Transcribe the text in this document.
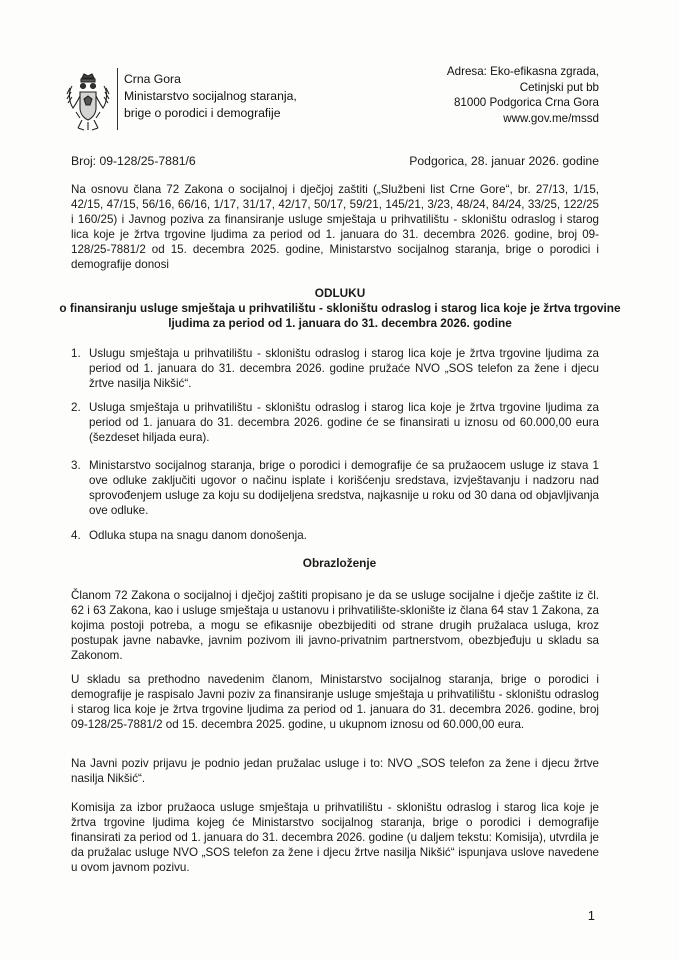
Crna Gora
Ministarstvo socijalnog staranja,
brige o porodici i demografije
Adresa: Eko-efikasna zgrada,
Cetinjski put bb
81000 Podgorica Crna Gora
www.gov.me/mssd
Broj: 09-128/25-7881/6	Podgorica, 28. januar 2026. godine
Na osnovu člana 72 Zakona o socijalnoj i dječjoj zaštiti („Službeni list Crne Gore“, br. 27/13, 1/15, 42/15, 47/15, 56/16, 66/16, 1/17, 31/17, 42/17, 50/17, 59/21, 145/21, 3/23, 48/24, 84/24, 33/25, 122/25 i 160/25) i Javnog poziva za finansiranje usluge smještaja u prihvatilištu - skloništu odraslog i starog lica koje je žrtva trgovine ljudima za period od 1. januara do 31. decembra 2026. godine, broj 09-128/25-7881/2 od 15. decembra 2025. godine, Ministarstvo socijalnog staranja, brige o porodici i demografije donosi
ODLUKU
o finansiranju usluge smještaja u prihvatilištu - skloništu odraslog i starog lica koje je žrtva trgovine ljudima za period od 1. januara do 31. decembra 2026. godine
1. Uslugu smještaja u prihvatilištu - skloništu odraslog i starog lica koje je žrtva trgovine ljudima za period od 1. januara do 31. decembra 2026. godine pružaće NVO „SOS telefon za žene i djecu žrtve nasilja Nikšić“.
2. Usluga smještaja u prihvatilištu - skloništu odraslog i starog lica koje je žrtva trgovine ljudima za period od 1. januara do 31. decembra 2026. godine će se finansirati u iznosu od 60.000,00 eura (šezdeset hiljada eura).
3. Ministarstvo socijalnog staranja, brige o porodici i demografije će sa pružaocem usluge iz stava 1 ove odluke zaključiti ugovor o načinu isplate i korišćenju sredstava, izvještavanju i nadzoru nad sprovođenjem usluge za koju su dodijeljena sredstva, najkasnije u roku od 30 dana od objavljivanja ove odluke.
4. Odluka stupa na snagu danom donošenja.
Obrazloženje
Članom 72 Zakona o socijalnoj i dječjoj zaštiti propisano je da se usluge socijalne i dječje zaštite iz čl. 62 i 63 Zakona, kao i usluge smještaja u ustanovu i prihvatilište-sklonište iz člana 64 stav 1 Zakona, za kojima postoji potreba, a mogu se efikasnije obezbijediti od strane drugih pružalaca usluga, kroz postupak javne nabavke, javnim pozivom ili javno-privatnim partnerstvom, obezbjeđuju u skladu sa Zakonom.
U skladu sa prethodno navedenim članom, Ministarstvo socijalnog staranja, brige o porodici i demografije je raspisalo Javni poziv za finansiranje usluge smještaja u prihvatilištu - skloništu odraslog i starog lica koje je žrtva trgovine ljudima za period od 1. januara do 31. decembra 2026. godine, broj 09-128/25-7881/2 od 15. decembra 2025. godine, u ukupnom iznosu od 60.000,00 eura.
Na Javni poziv prijavu je podnio jedan pružalac usluge i to: NVO „SOS telefon za žene i djecu žrtve nasilja Nikšić“.
Komisija za izbor pružaoca usluge smještaja u prihvatilištu - skloništu odraslog i starog lica koje je žrtva trgovine ljudima kojeg će Ministarstvo socijalnog staranja, brige o porodici i demografije finansirati za period od 1. januara do 31. decembra 2026. godine (u daljem tekstu: Komisija), utvrdila je da pružalac usluge NVO „SOS telefon za žene i djecu žrtve nasilja Nikšić“ ispunjava uslove navedene u ovom javnom pozivu.
1
